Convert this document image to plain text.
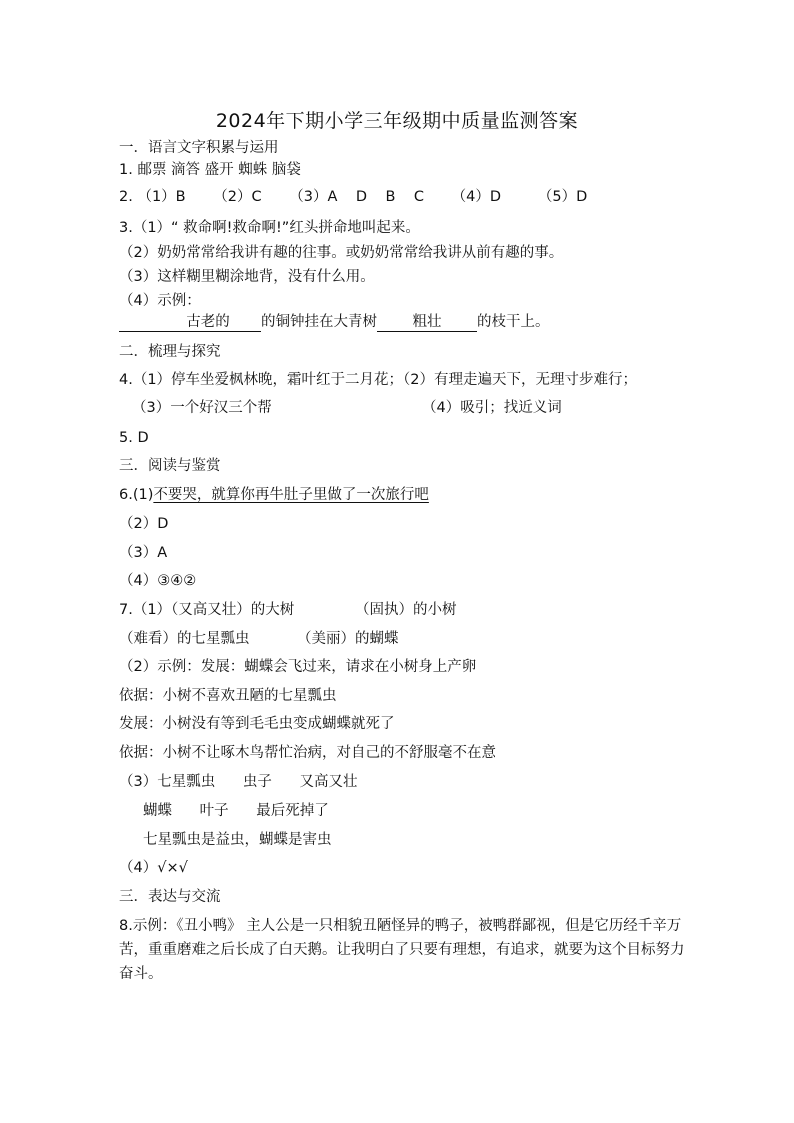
2024年下期小学三年级期中质量监测答案
一．语言文字积累与运用
1. 邮票 滴答 盛开 蜘蛛 脑袋
2. （1）B      （2）C      （3）A    D    B    C      （4）D        （5）D
3.（1）“ 救命啊!救命啊!”红头拼命地叫起来。
（2）奶奶常常给我讲有趣的往事。或奶奶常常给我讲从前有趣的事。
（3）这样糊里糊涂地背，没有什么用。
（4）示例：
古老的 的铜钟挂在大青树 粗壮 的枝干上。
二．梳理与探究
4.（1）停车坐爱枫林晚，霜叶红于二月花；（2）有理走遍天下，无理寸步难行；
（3）一个好汉三个帮	（4）吸引；找近义词
5. D
三．阅读与鉴赏
6.(1)不要哭，就算你再牛肚子里做了一次旅行吧
（2）D
（3）A
（4）③④②
7.（1）（又高又壮）的大树	（固执）的小树
（难看）的七星瓢虫	（美丽）的蝴蝶
（2）示例：发展：蝴蝶会飞过来，请求在小树身上产卵
依据：小树不喜欢丑陋的七星瓢虫
发展：小树没有等到毛毛虫变成蝴蝶就死了
依据：小树不让啄木鸟帮忙治病，对自己的不舒服毫不在意
（3）七星瓢虫      虫子      又高又壮
蝴蝶      叶子      最后死掉了
七星瓢虫是益虫，蝴蝶是害虫
（4）√×√
三．表达与交流
8.示例：《丑小鸭》 主人公是一只相貌丑陋怪异的鸭子，被鸭群鄙视，但是它历经千辛万苦，重重磨难之后长成了白天鹅。让我明白了只要有理想，有追求，就要为这个目标努力奋斗。
